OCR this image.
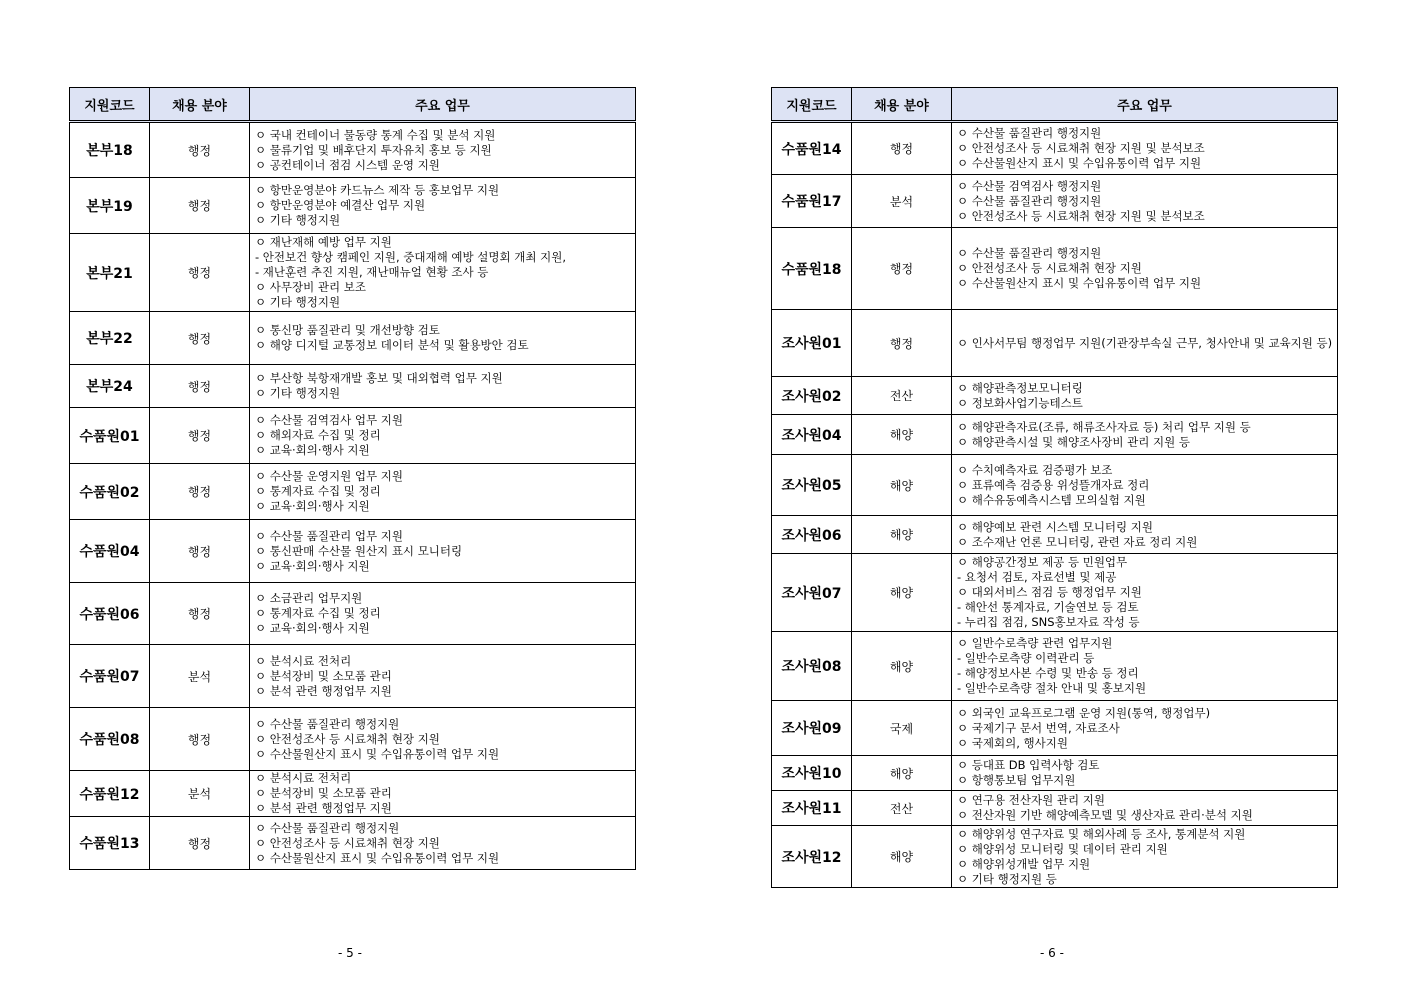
지원코드	채용 분야	주요 업무
본부18	행정	ㅇ 국내 컨테이너 물동량 통계 수집 및 분석 지원
ㅇ 물류기업 및 배후단지 투자유치 홍보 등 지원
ㅇ 공컨테이너 점검 시스템 운영 지원

본부19	행정	ㅇ 항만운영분야 카드뉴스 제작 등 홍보업무 지원
ㅇ 항만운영분야 예결산 업무 지원
ㅇ 기타 행정지원

본부21	행정	ㅇ 재난재해 예방 업무 지원
- 안전보건 향상 캠페인 지원, 중대재해 예방 설명회 개최 지원,
- 재난훈련 추진 지원, 재난매뉴얼 현황 조사 등
ㅇ 사무장비 관리 보조
ㅇ 기타 행정지원

본부22	행정	ㅇ 통신망 품질관리 및 개선방향 검토
ㅇ 해양 디지털 교통정보 데이터 분석 및 활용방안 검토

본부24	행정	ㅇ 부산항 북항재개발 홍보 및 대외협력 업무 지원
ㅇ 기타 행정지원

수품원01	행정	ㅇ 수산물 검역검사 업무 지원
ㅇ 해외자료 수집 및 정리
ㅇ 교육·회의·행사 지원

수품원02	행정	ㅇ 수산물 운영지원 업무 지원
ㅇ 통계자료 수집 및 정리
ㅇ 교육·회의·행사 지원

수품원04	행정	ㅇ 수산물 품질관리 업무 지원
ㅇ 통신판매 수산물 원산지 표시 모니터링
ㅇ 교육·회의·행사 지원

수품원06	행정	ㅇ 소금관리 업무지원
ㅇ 통계자료 수집 및 정리
ㅇ 교육·회의·행사 지원

수품원07	분석	ㅇ 분석시료 전처리
ㅇ 분석장비 및 소모품 관리
ㅇ 분석 관련 행정업무 지원

수품원08	행정	ㅇ 수산물 품질관리 행정지원
ㅇ 안전성조사 등 시료채취 현장 지원
ㅇ 수산물원산지 표시 및 수입유통이력 업무 지원

수품원12	분석	ㅇ 분석시료 전처리
ㅇ 분석장비 및 소모품 관리
ㅇ 분석 관련 행정업무 지원

수품원13	행정	ㅇ 수산물 품질관리 행정지원
ㅇ 안전성조사 등 시료채취 현장 지원
ㅇ 수산물원산지 표시 및 수입유통이력 업무 지원
지원코드	채용 분야	주요 업무
수품원14	행정	ㅇ 수산물 품질관리 행정지원
ㅇ 안전성조사 등 시료채취 현장 지원 및 분석보조
ㅇ 수산물원산지 표시 및 수입유통이력 업무 지원

수품원17	분석	ㅇ 수산물 검역검사 행정지원
ㅇ 수산물 품질관리 행정지원
ㅇ 안전성조사 등 시료채취 현장 지원 및 분석보조

수품원18	행정	ㅇ 수산물 품질관리 행정지원
ㅇ 안전성조사 등 시료채취 현장 지원
ㅇ 수산물원산지 표시 및 수입유통이력 업무 지원

조사원01	행정	ㅇ 인사서무팀 행정업무 지원(기관장부속실 근무, 청사안내 및 교육지원 등)

조사원02	전산	ㅇ 해양관측정보모니터링
ㅇ 정보화사업기능테스트

조사원04	해양	ㅇ 해양관측자료(조류, 해류조사자료 등) 처리 업무 지원 등
ㅇ 해양관측시설 및 해양조사장비 관리 지원 등

조사원05	해양	ㅇ 수치예측자료 검증평가 보조
ㅇ 표류예측 검증용 위성뜰개자료 정리
ㅇ 해수유동예측시스템 모의실험 지원

조사원06	해양	ㅇ 해양예보 관련 시스템 모니터링 지원
ㅇ 조수재난 언론 모니터링, 관련 자료 정리 지원

조사원07	해양	ㅇ 해양공간정보 제공 등 민원업무
- 요청서 검토, 자료선별 및 제공
ㅇ 대외서비스 점검 등 행정업무 지원
- 해안선 통계자료, 기술연보 등 검토
- 누리집 점검, SNS홍보자료 작성 등

조사원08	해양	ㅇ 일반수로측량 관련 업무지원
- 일반수로측량 이력관리 등
- 해양정보사본 수령 및 반송 등 정리
- 일반수로측량 절차 안내 및 홍보지원

조사원09	국제	ㅇ 외국인 교육프로그램 운영 지원(통역, 행정업무)
ㅇ 국제기구 문서 번역, 자료조사
ㅇ 국제회의, 행사지원

조사원10	해양	ㅇ 등대표 DB 입력사항 검토
ㅇ 항행통보팀 업무지원

조사원11	전산	ㅇ 연구용 전산자원 관리 지원
ㅇ 전산자원 기반 해양예측모델 및 생산자료 관리·분석 지원

조사원12	해양	ㅇ 해양위성 연구자료 및 해외사례 등 조사, 통계분석 지원
ㅇ 해양위성 모니터링 및 데이터 관리 지원
ㅇ 해양위성개발 업무 지원
ㅇ 기타 행정지원 등
- 5 -	- 6 -
